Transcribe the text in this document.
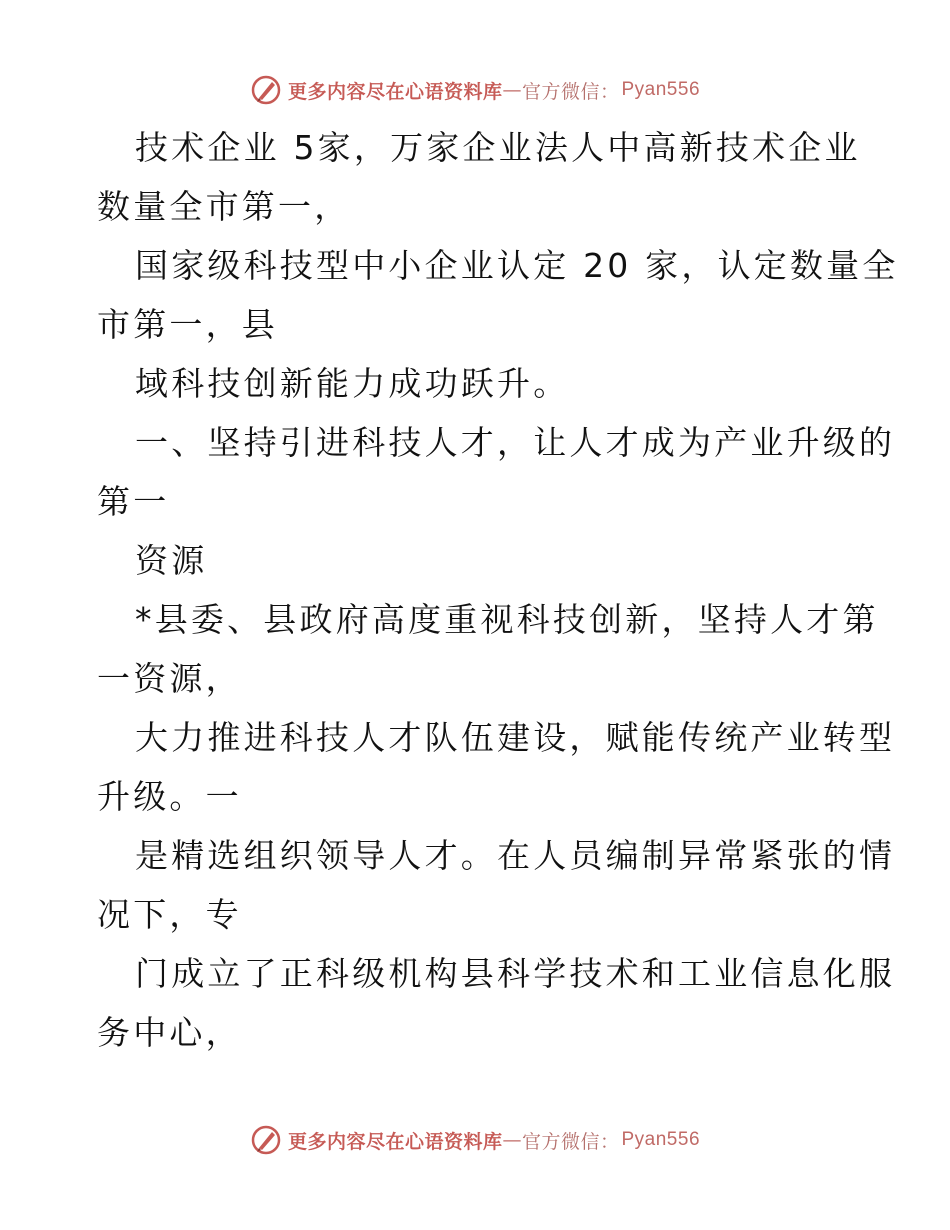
更多内容尽在心语资料库 — 官方微信： Pyan556
技术企业 5家，万家企业法人中高新技术企业
数量全市第一，
国家级科技型中小企业认定 20 家，认定数量全
市第一，县
域科技创新能力成功跃升。
一、坚持引进科技人才，让人才成为产业升级的
第一
资源
*县委、县政府高度重视科技创新，坚持人才第
一资源，
大力推进科技人才队伍建设，赋能传统产业转型
升级。一
是精选组织领导人才。在人员编制异常紧张的情
况下，专
门成立了正科级机构县科学技术和工业信息化服
务中心，
更多内容尽在心语资料库 — 官方微信： Pyan556
